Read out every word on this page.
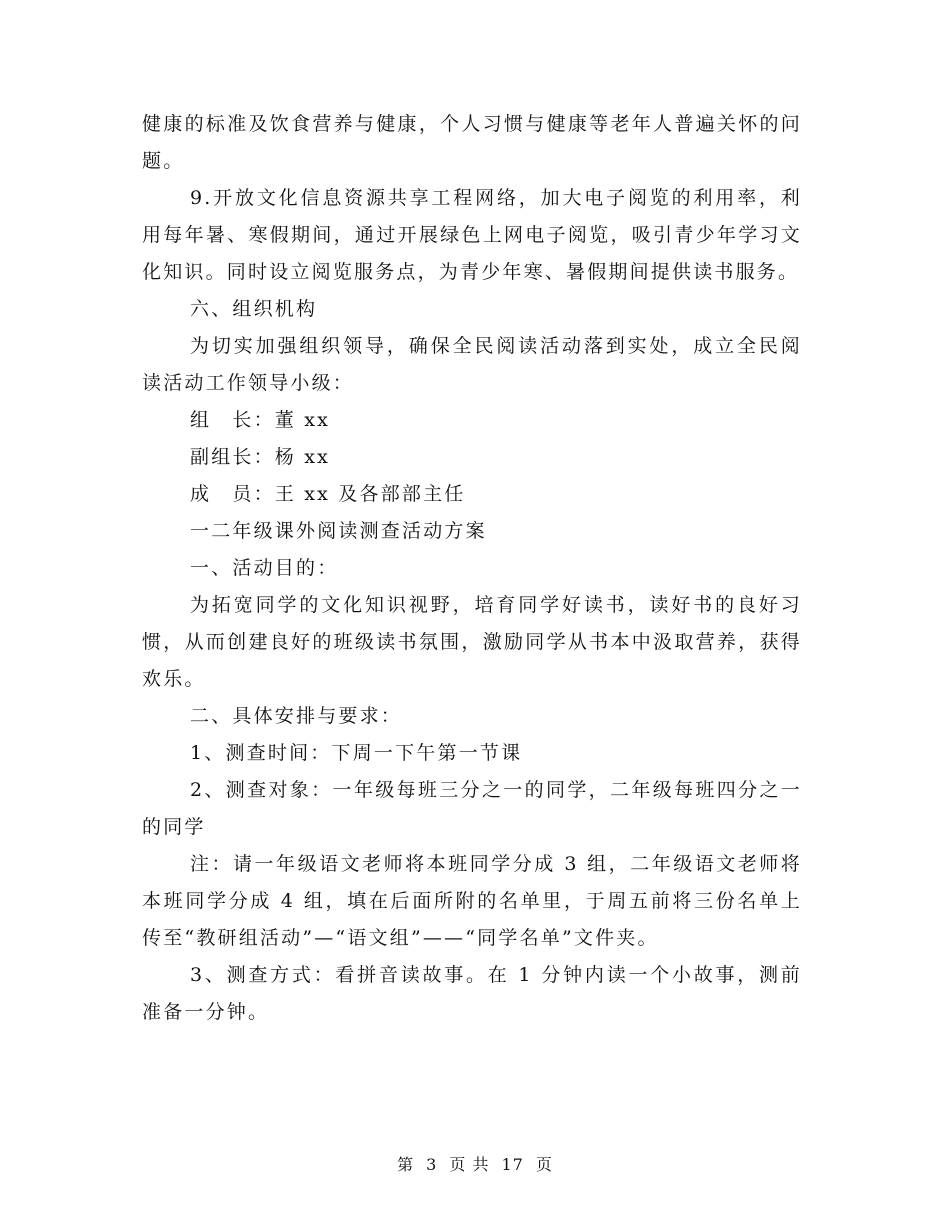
健康的标准及饮食营养与健康，个人习惯与健康等老年人普遍关怀的问题。

9.开放文化信息资源共享工程网络，加大电子阅览的利用率，利用每年暑、寒假期间，通过开展绿色上网电子阅览，吸引青少年学习文化知识。同时设立阅览服务点，为青少年寒、暑假期间提供读书服务。

六、组织机构

为切实加强组织领导，确保全民阅读活动落到实处，成立全民阅读活动工作领导小级：

组　长：董 xx

副组长：杨 xx

成　员：王 xx 及各部部主任

一二年级课外阅读测查活动方案

一、活动目的：

为拓宽同学的文化知识视野，培育同学好读书，读好书的良好习惯，从而创建良好的班级读书氛围，激励同学从书本中汲取营养，获得欢乐。

二、具体安排与要求：

1、测查时间：下周一下午第一节课

2、测查对象：一年级每班三分之一的同学，二年级每班四分之一的同学

注：请一年级语文老师将本班同学分成 3 组，二年级语文老师将本班同学分成 4 组，填在后面所附的名单里，于周五前将三份名单上传至“教研组活动”—“语文组”——“同学名单”文件夹。

3、测查方式：看拼音读故事。在 1 分钟内读一个小故事，测前准备一分钟。

第 3 页 共 17 页
